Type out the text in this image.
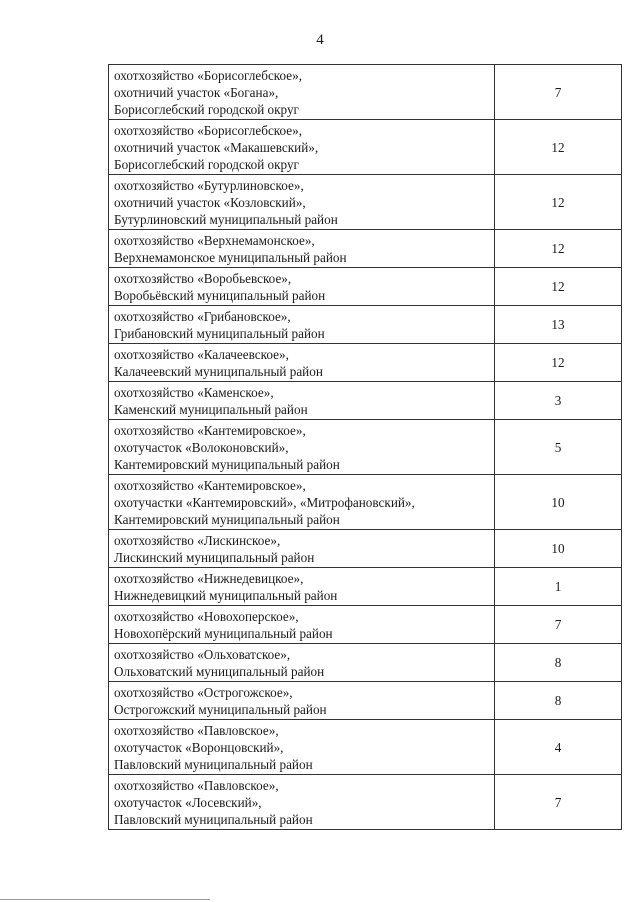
4
охотхозяйство «Борисоглебское»,
охотничий участок «Богана»,
Борисоглебский городской округ	7

охотхозяйство «Борисоглебское»,
охотничий участок «Макашевский»,
Борисоглебский городской округ	12

охотхозяйство «Бутурлиновское»,
охотничий участок «Козловский»,
Бутурлиновский муниципальный район	12

охотхозяйство «Верхнемамонское»,
Верхнемамонское муниципальный район	12

охотхозяйство «Воробьевское»,
Воробьёвский муниципальный район	12

охотхозяйство «Грибановское»,
Грибановский муниципальный район	13

охотхозяйство «Калачеевское»,
Калачеевский муниципальный район	12

охотхозяйство «Каменское»,
Каменский муниципальный район	3

охотхозяйство «Кантемировское»,
охотучасток «Волоконовский»,
Кантемировский муниципальный район	5

охотхозяйство «Кантемировское»,
охотучастки «Кантемировский», «Митрофановский»,
Кантемировский муниципальный район	10

охотхозяйство «Лискинское»,
Лискинский муниципальный район	10

охотхозяйство «Нижнедевицкое»,
Нижнедевицкий муниципальный район	1

охотхозяйство «Новохоперское»,
Новохопёрский муниципальный район	7

охотхозяйство «Ольховатское»,
Ольховатский муниципальный район	8

охотхозяйство «Острогожское»,
Острогожский муниципальный район	8

охотхозяйство «Павловское»,
охотучасток «Воронцовский»,
Павловский муниципальный район	4

охотхозяйство «Павловское»,
охотучасток «Лосевский»,
Павловский муниципальный район	7
